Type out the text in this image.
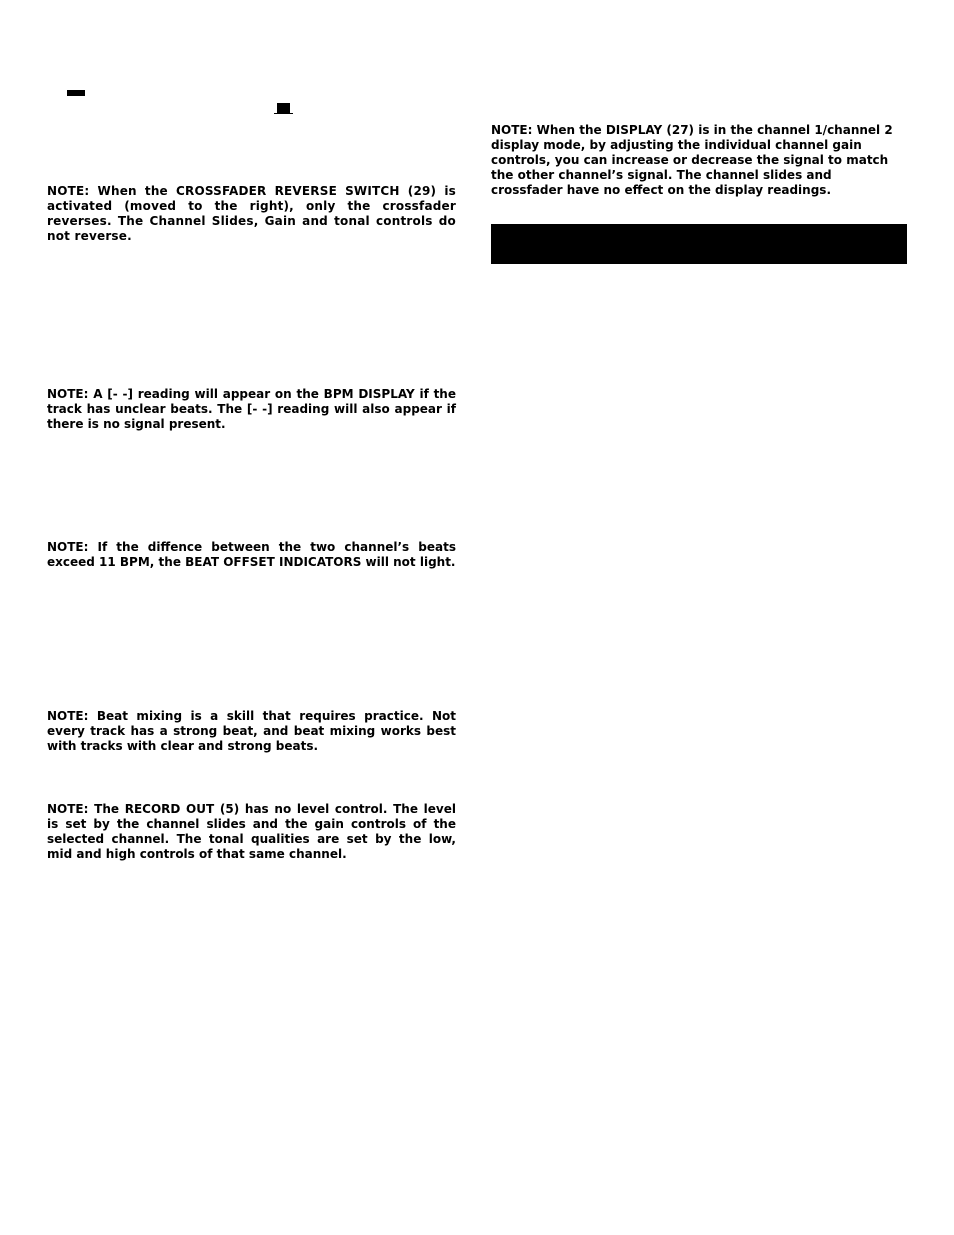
NOTE: When the CROSSFADER REVERSE SWITCH (29) is activated (moved to the right), only the crossfader reverses. The Channel Slides, Gain and tonal controls do not reverse.

NOTE: A [- -] reading will appear on the BPM DISPLAY if the track has unclear beats. The [- -] reading will also appear if there is no signal present.

NOTE: If the diffence between the two channel’s beats exceed 11 BPM, the BEAT OFFSET INDICATORS will not light.

NOTE: Beat mixing is a skill that requires practice. Not every track has a strong beat, and beat mixing works best with tracks with clear and strong beats.

NOTE: The RECORD OUT (5) has no level control. The level is set by the channel slides and the gain controls of the selected channel. The tonal qualities are set by the low, mid and high controls of that same channel.

NOTE: When the DISPLAY (27) is in the channel 1/channel 2 display mode, by adjusting the individual channel gain controls, you can increase or decrease the signal to match the other channel’s signal. The channel slides and crossfader have no effect on the display readings.
